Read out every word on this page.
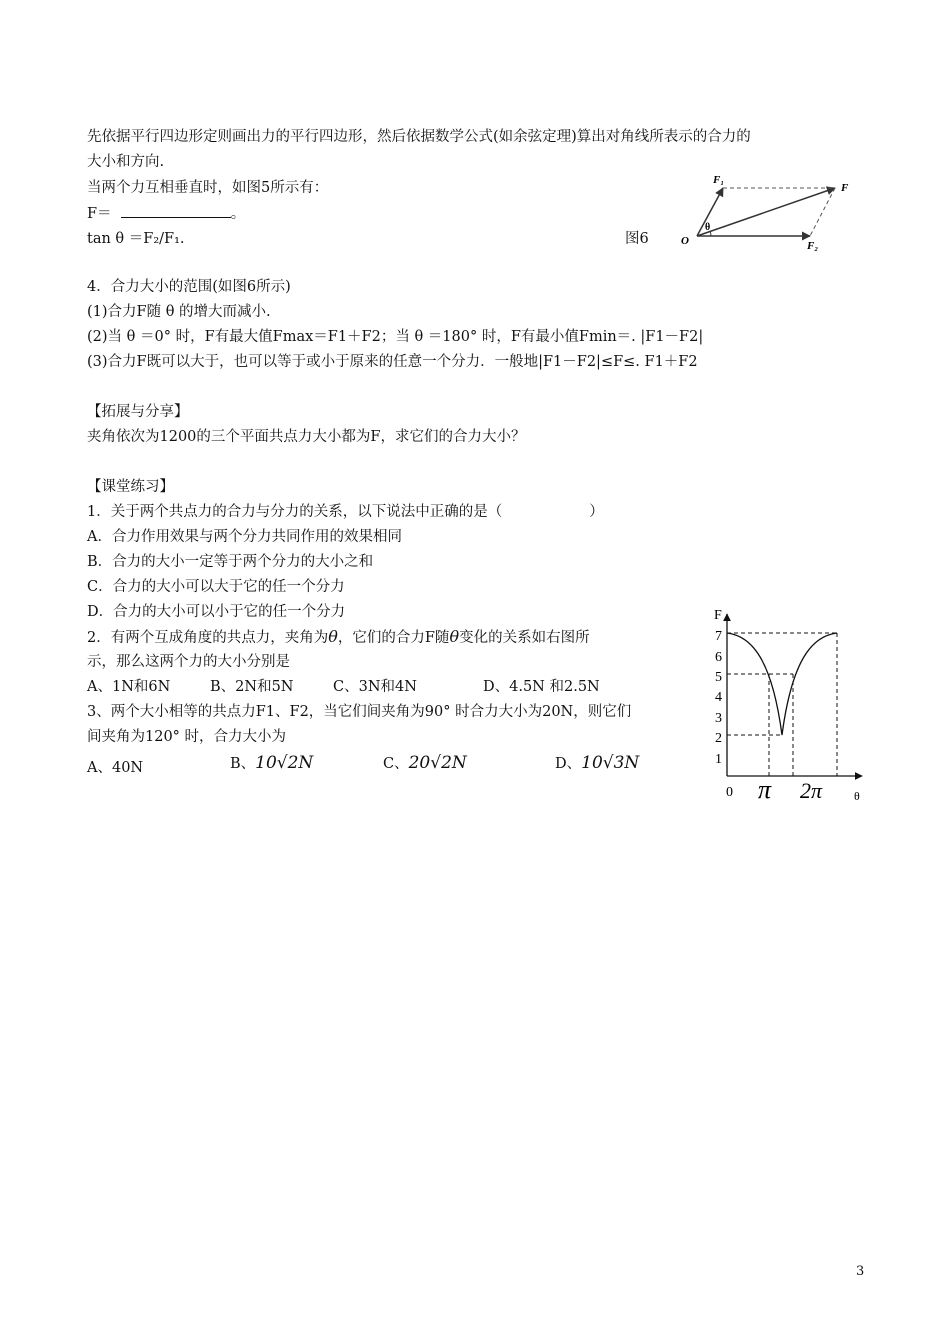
先依据平行四边形定则画出力的平行四边形，然后依据数学公式(如余弦定理)算出对角线所表示的合力的
大小和方向.
当两个力互相垂直时，如图5所示有：
F＝	。
tan θ ＝F₂/F₁.	图6
F₁
F
O
θ
F₂
4．合力大小的范围(如图6所示)
(1)合力F随 θ 的增大而减小.
(2)当 θ ＝0° 时，F有最大值Fmax＝F1＋F2；当 θ ＝180° 时，F有最小值Fmin＝. |F1－F2|
(3)合力F既可以大于，也可以等于或小于原来的任意一个分力．一般地|F1－F2|≤F≤. F1＋F2
【拓展与分享】
夹角依次为1200的三个平面共点力大小都为F，求它们的合力大小？
【课堂练习】
1．关于两个共点力的合力与分力的关系，以下说法中正确的是（　　　　　　）
A．合力作用效果与两个分力共同作用的效果相同
B．合力的大小一定等于两个分力的大小之和
C．合力的大小可以大于它的任一个分力
D．合力的大小可以小于它的任一个分力
2．有两个互成角度的共点力，夹角为θ，它们的合力F随θ变化的关系如右图所
示，那么这两个力的大小分别是
A、1N和6N	B、2N和5N	C、3N和4N	D、4.5N 和2.5N
3、两个大小相等的共点力F1、F2，当它们间夹角为90° 时合力大小为20N，则它们
间夹角为120° 时，合力大小为
A、40N	B、10√2N	C、20√2N	D、10√3N
F
θ
0
1
2
3
4
5
6
7
π 2π
3
